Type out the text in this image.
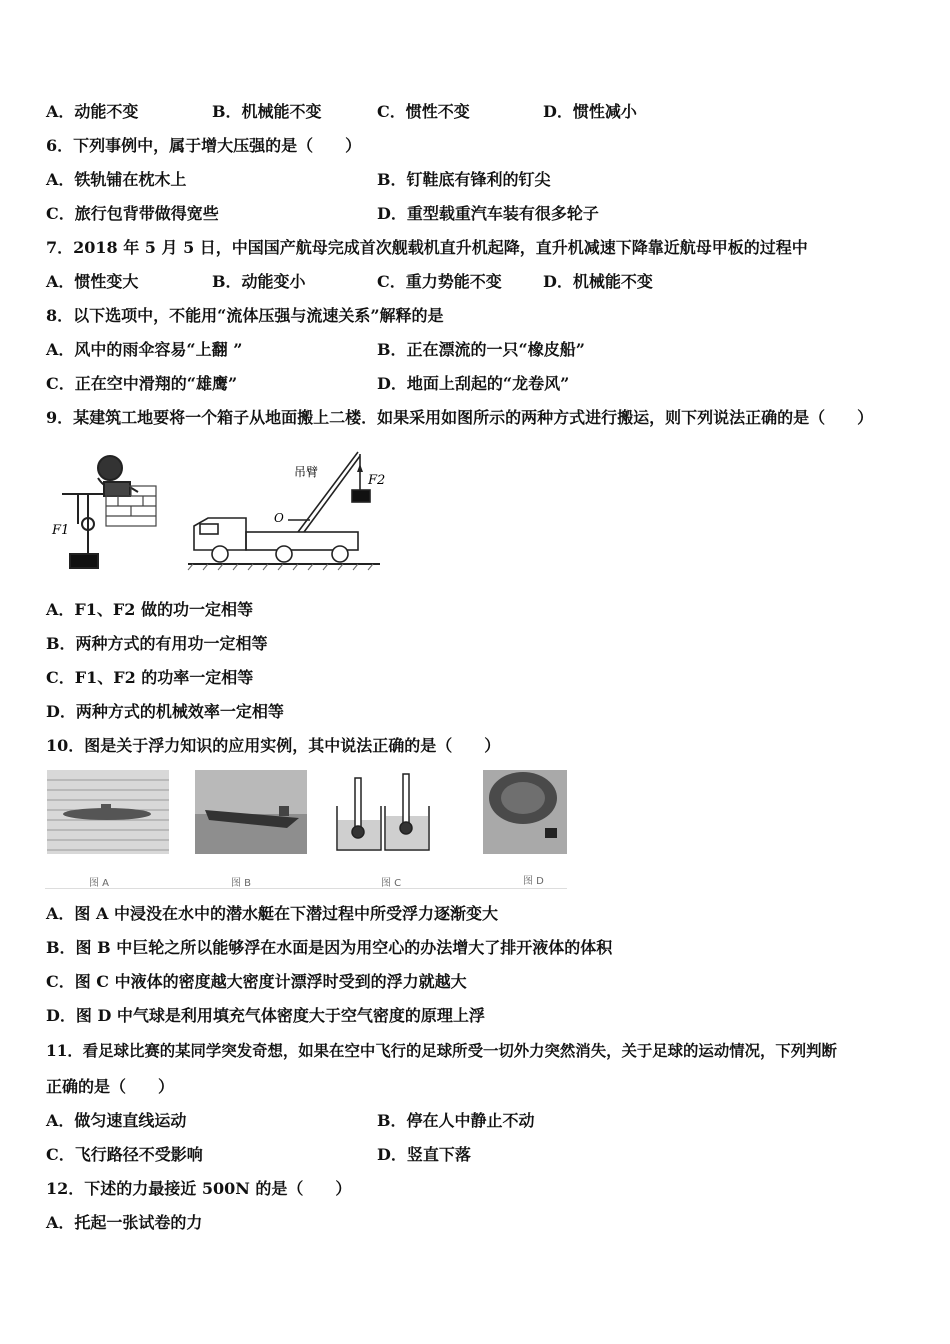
A．动能不变	B．机械能不变	C．惯性不变	D．惯性减小
6．下列事例中，属于增大压强的是（　　）
A．铁轨铺在枕木上	B．钉鞋底有锋利的钉尖
C．旅行包背带做得宽些	D．重型载重汽车装有很多轮子
7．2018 年 5 月 5 日，中国国产航母完成首次舰载机直升机起降，直升机减速下降靠近航母甲板的过程中
A．惯性变大	B．动能变小	C．重力势能不变	D．机械能不变
8．以下选项中，不能用“流体压强与流速关系”解释的是
A．风中的雨伞容易“上翻 ”	B．正在漂流的一只“橡皮船”
C．正在空中滑翔的“雄鹰”	D．地面上刮起的“龙卷风”
9．某建筑工地要将一个箱子从地面搬上二楼．如果采用如图所示的两种方式进行搬运，则下列说法正确的是（　　）
F1
吊臂
O
F2
A．F1、F2 做的功一定相等
B．两种方式的有用功一定相等
C．F1、F2 的功率一定相等
D．两种方式的机械效率一定相等
10．图是关于浮力知识的应用实例，其中说法正确的是（　　）
图 A	图 B	图 C	图 D
A．图 A 中浸没在水中的潜水艇在下潜过程中所受浮力逐渐变大
B．图 B 中巨轮之所以能够浮在水面是因为用空心的办法增大了排开液体的体积
C．图 C 中液体的密度越大密度计漂浮时受到的浮力就越大
D．图 D 中气球是利用填充气体密度大于空气密度的原理上浮
11．看足球比赛的某同学突发奇想，如果在空中飞行的足球所受一切外力突然消失，关于足球的运动情况，下列判断
正确的是（　　）
A．做匀速直线运动	B．停在人中静止不动
C．飞行路径不受影响	D．竖直下落
12．下述的力最接近 500N 的是（　　）
A．托起一张试卷的力
